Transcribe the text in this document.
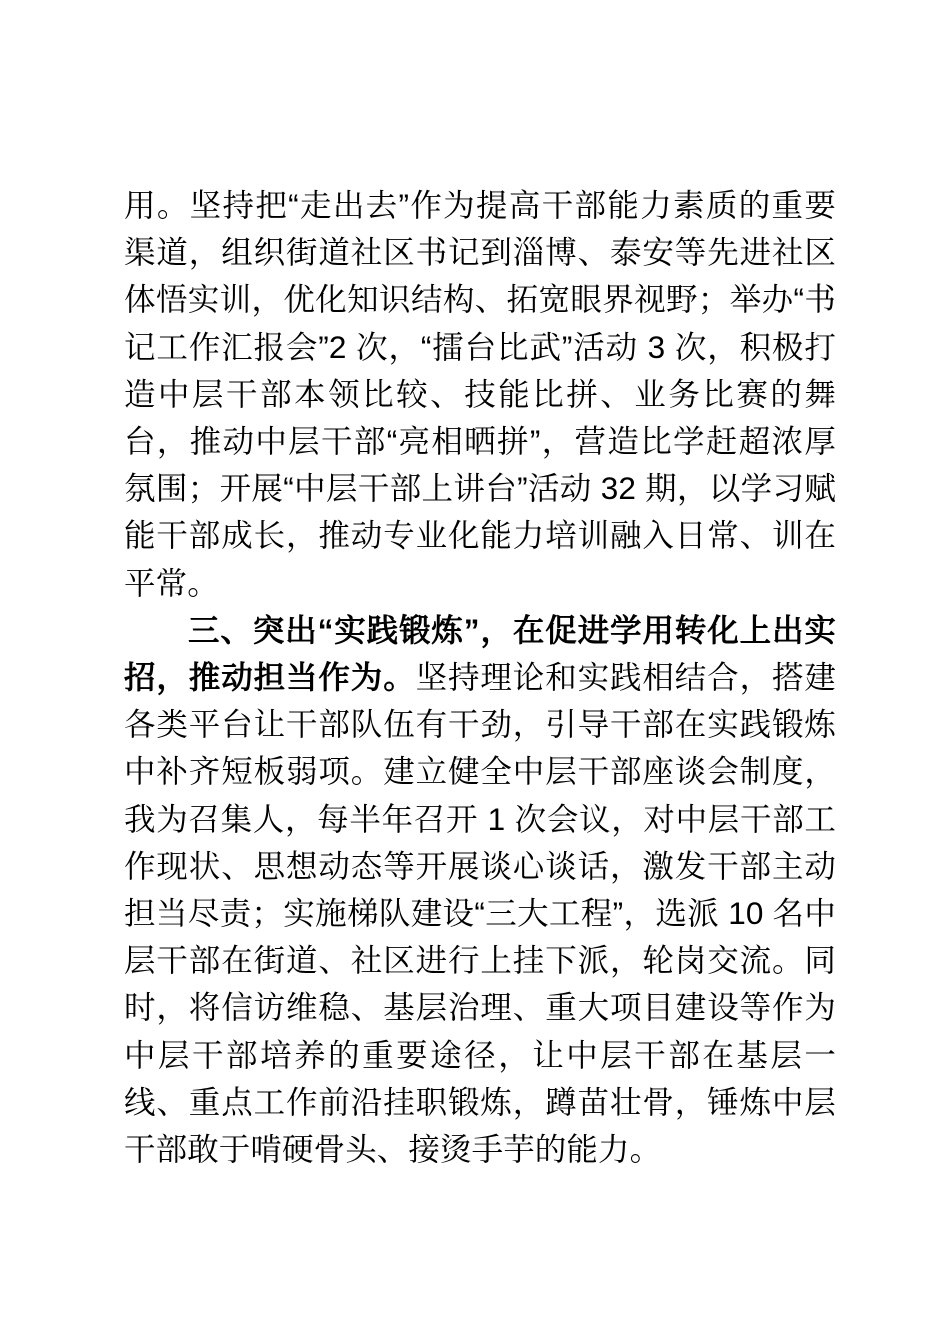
用。坚持把“走出去”作为提高干部能力素质的重要渠道，组织街道社区书记到淄博、泰安等先进社区体悟实训，优化知识结构、拓宽眼界视野；举办“书记工作汇报会”2 次，“擂台比武”活动 3 次，积极打造中层干部本领比较、技能比拼、业务比赛的舞台，推动中层干部“亮相晒拼”，营造比学赶超浓厚氛围；开展“中层干部上讲台”活动 32 期，以学习赋能干部成长，推动专业化能力培训融入日常、训在平常。

三、突出“实践锻炼”，在促进学用转化上出实招，推动担当作为。坚持理论和实践相结合，搭建各类平台让干部队伍有干劲，引导干部在实践锻炼中补齐短板弱项。建立健全中层干部座谈会制度，我为召集人，每半年召开 1 次会议，对中层干部工作现状、思想动态等开展谈心谈话，激发干部主动担当尽责；实施梯队建设“三大工程”，选派 10 名中层干部在街道、社区进行上挂下派，轮岗交流。同时，将信访维稳、基层治理、重大项目建设等作为中层干部培养的重要途径，让中层干部在基层一线、重点工作前沿挂职锻炼，蹲苗壮骨，锤炼中层干部敢于啃硬骨头、接烫手芋的能力。
